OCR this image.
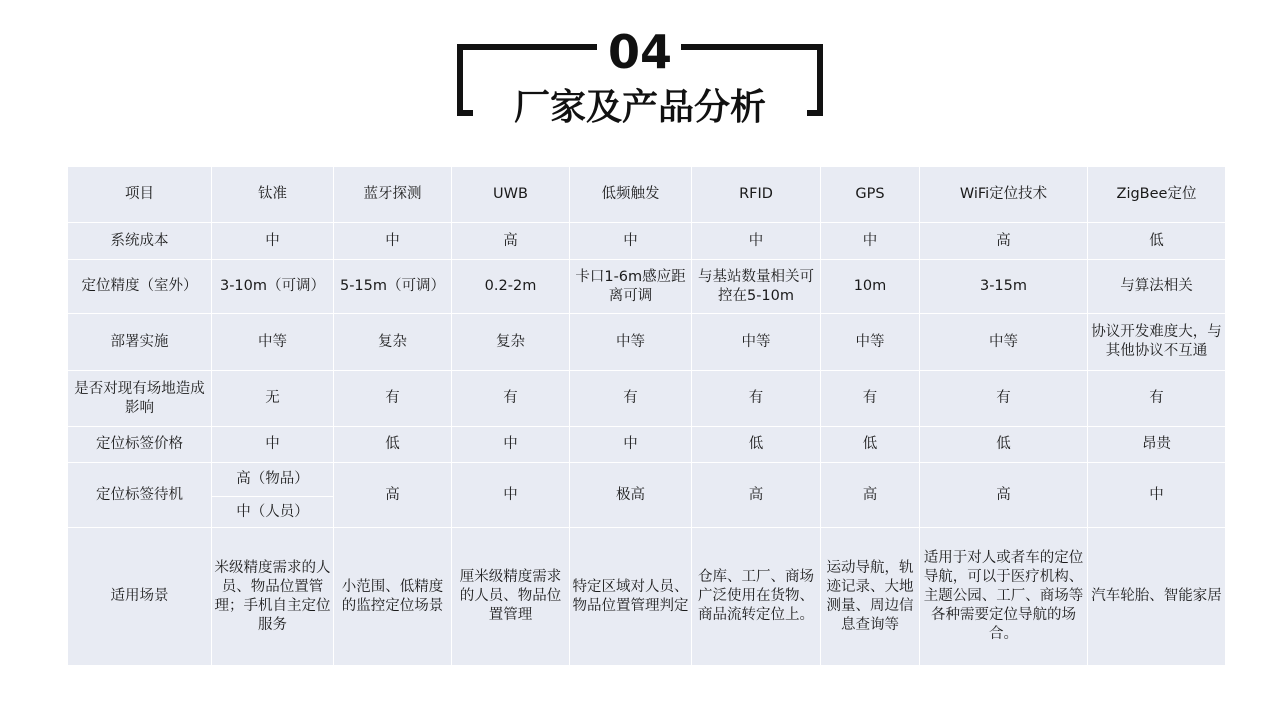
04
厂家及产品分析
项目	钛准	蓝牙探测	UWB	低频触发	RFID	GPS	WiFi定位技术	ZigBee定位
系统成本	中	中	高	中	中	中	高	低
定位精度（室外）	3-10m（可调）	5-15m（可调）	0.2-2m	卡口1-6m感应距离可调	与基站数量相关可控在5-10m	10m	3-15m	与算法相关
部署实施	中等	复杂	复杂	中等	中等	中等	中等	协议开发难度大，与其他协议不互通
是否对现有场地造成影响	无	有	有	有	有	有	有	有
定位标签价格	中	低	中	中	低	低	低	昂贵
定位标签待机	高（物品）	高	中	极高	高	高	高	中
	中（人员）							
适用场景	米级精度需求的人员、物品位置管理；手机自主定位服务	小范围、低精度的监控定位场景	厘米级精度需求的人员、物品位置管理	特定区域对人员、物品位置管理判定	仓库、工厂、商场广泛使用在货物、商品流转定位上。	运动导航，轨迹记录、大地测量、周边信息查询等	适用于对人或者车的定位导航，可以于医疗机构、主题公园、工厂、商场等各种需要定位导航的场合。	汽车轮胎、智能家居
